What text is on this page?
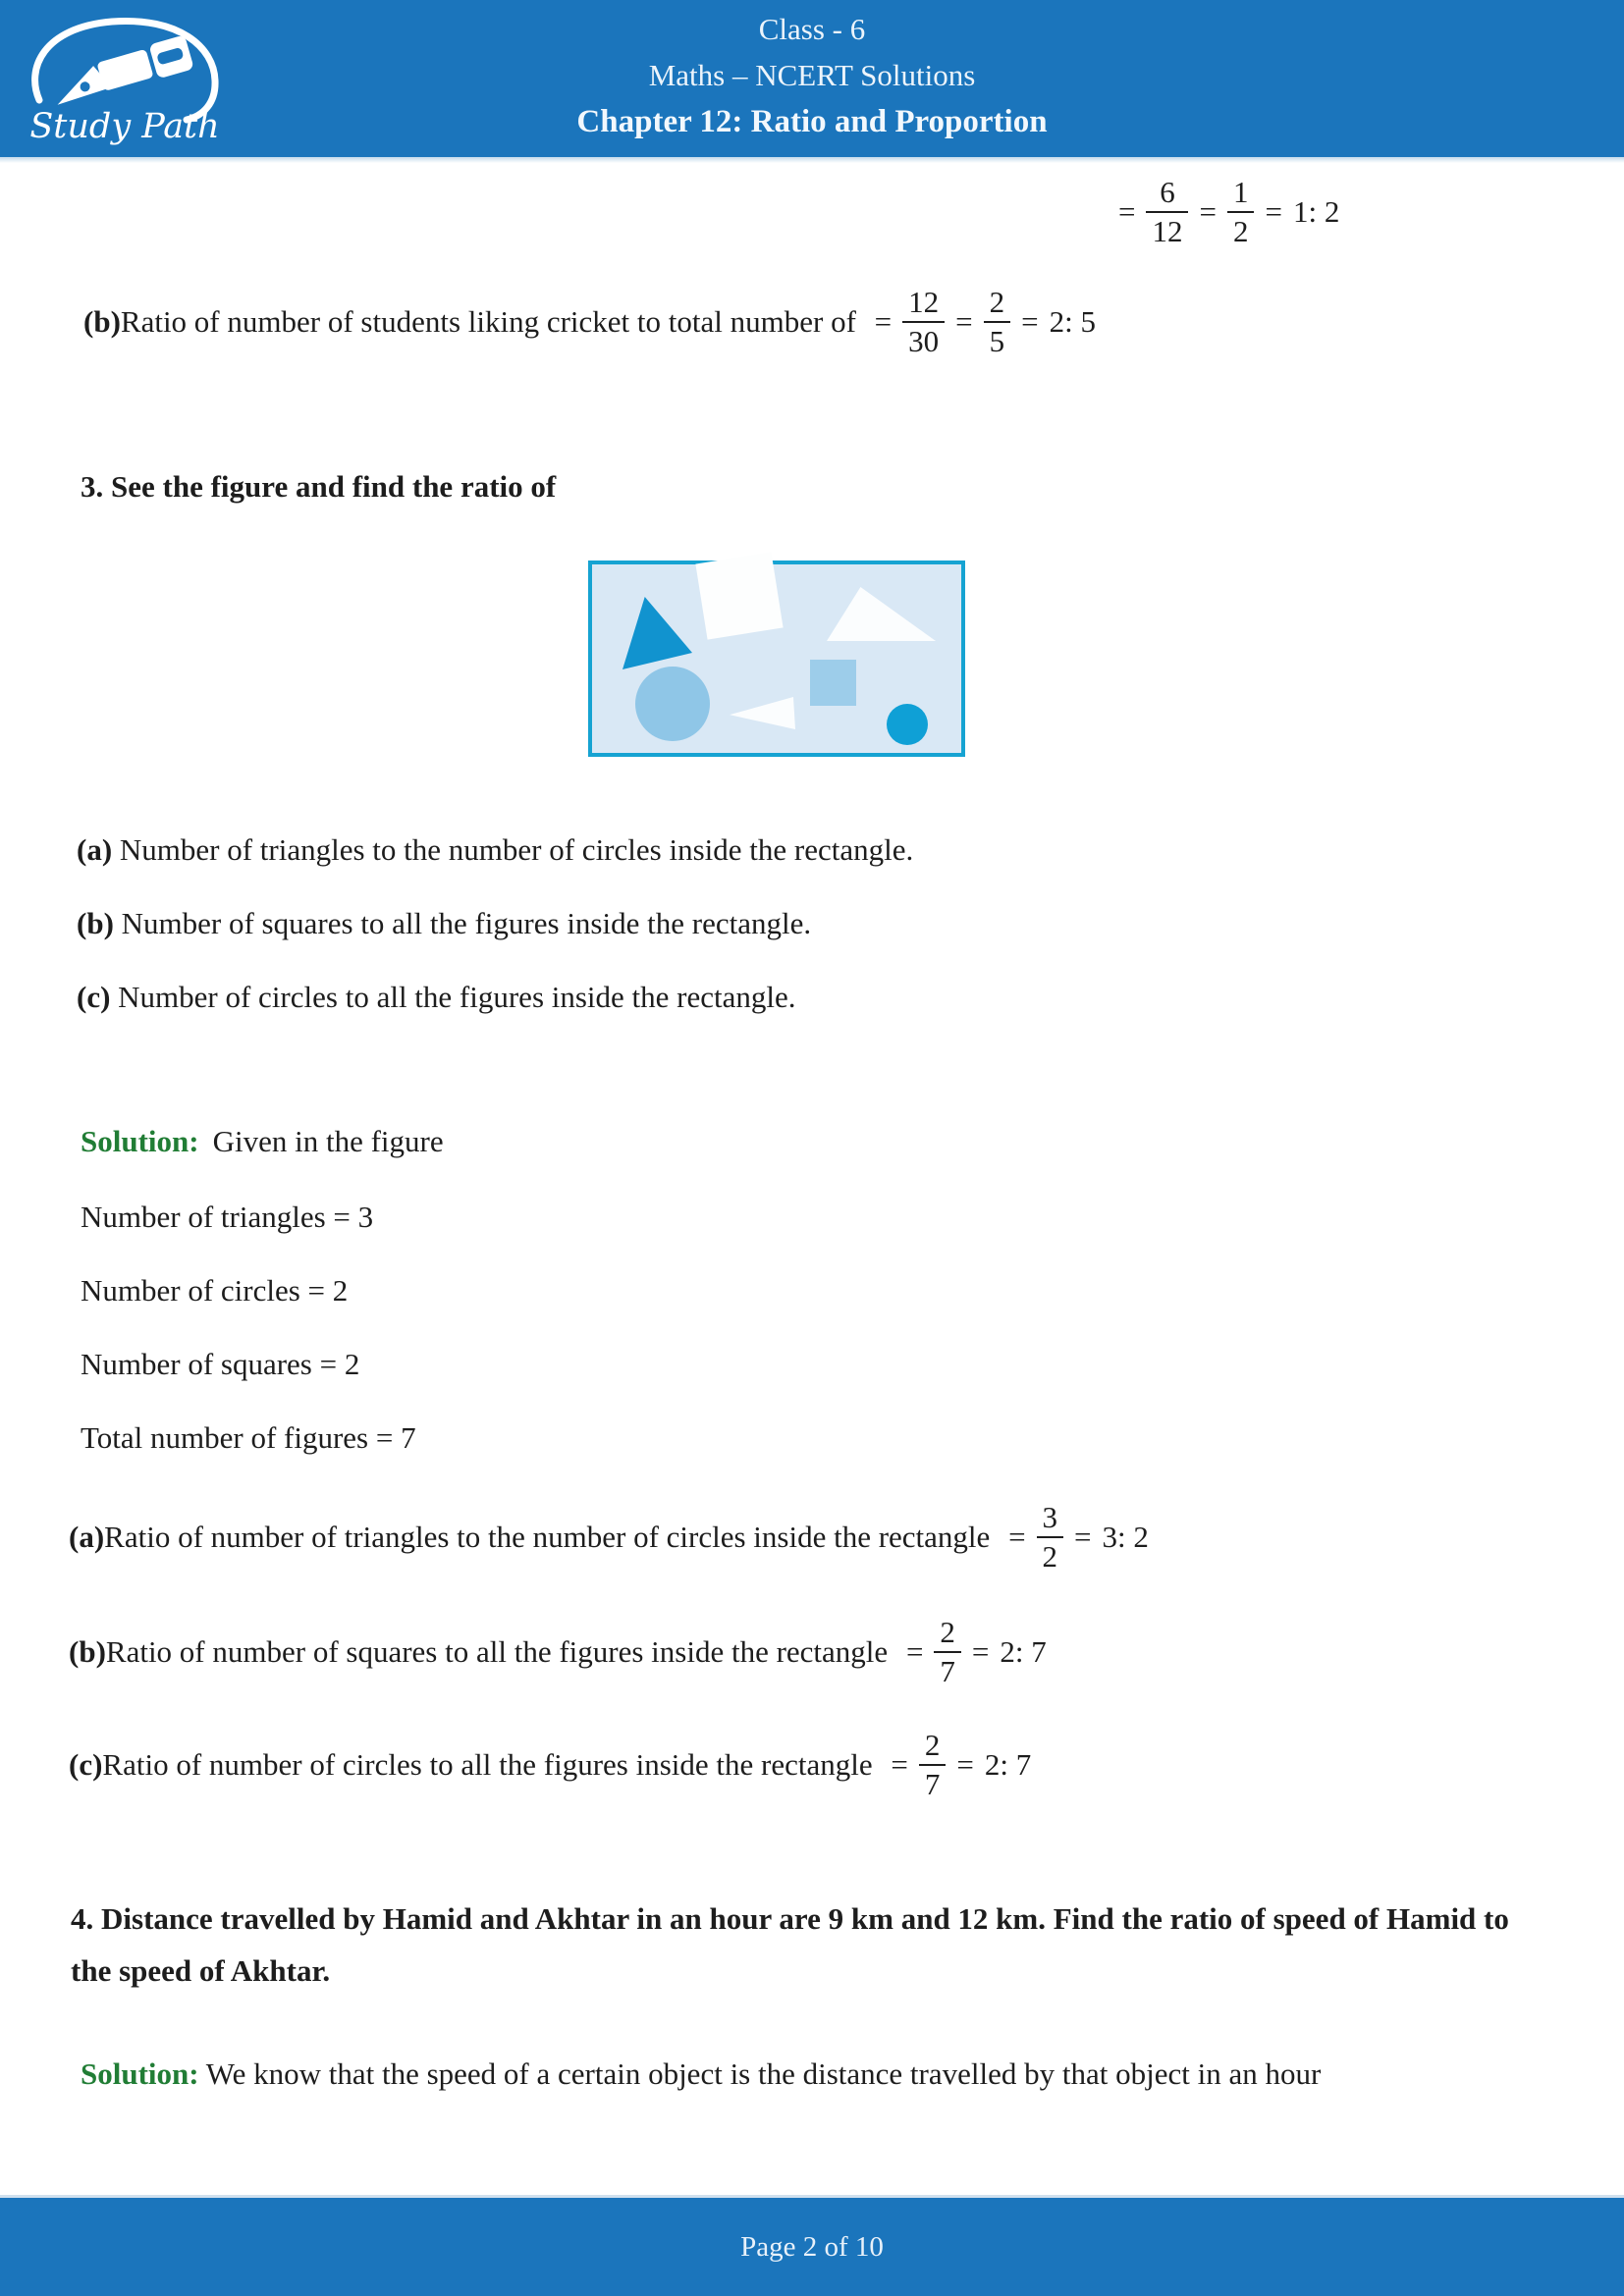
Study Path
Class - 6
Maths – NCERT Solutions
Chapter 12: Ratio and Proportion
= $\frac{6}{12} = \frac{1}{2} = 1$: 2
(b) Ratio of number of students liking cricket to total number of = $\frac{12}{30} = \frac{2}{5} = 2$: 5
3. See the figure and find the ratio of
(a) Number of triangles to the number of circles inside the rectangle.
(b) Number of squares to all the figures inside the rectangle.
(c) Number of circles to all the figures inside the rectangle.
Solution: Given in the figure
Number of triangles = 3
Number of circles = 2
Number of squares = 2
Total number of figures = 7
(a) Ratio of number of triangles to the number of circles inside the rectangle = $\frac{3}{2} = 3$: 2
(b) Ratio of number of squares to all the figures inside the rectangle = $\frac{2}{7} = 2$: 7
(c) Ratio of number of circles to all the figures inside the rectangle = $\frac{2}{7} = 2$: 7
4. Distance travelled by Hamid and Akhtar in an hour are 9 km and 12 km. Find the ratio of speed of Hamid to the speed of Akhtar.
Solution: We know that the speed of a certain object is the distance travelled by that object in an hour
Page 2 of 10
